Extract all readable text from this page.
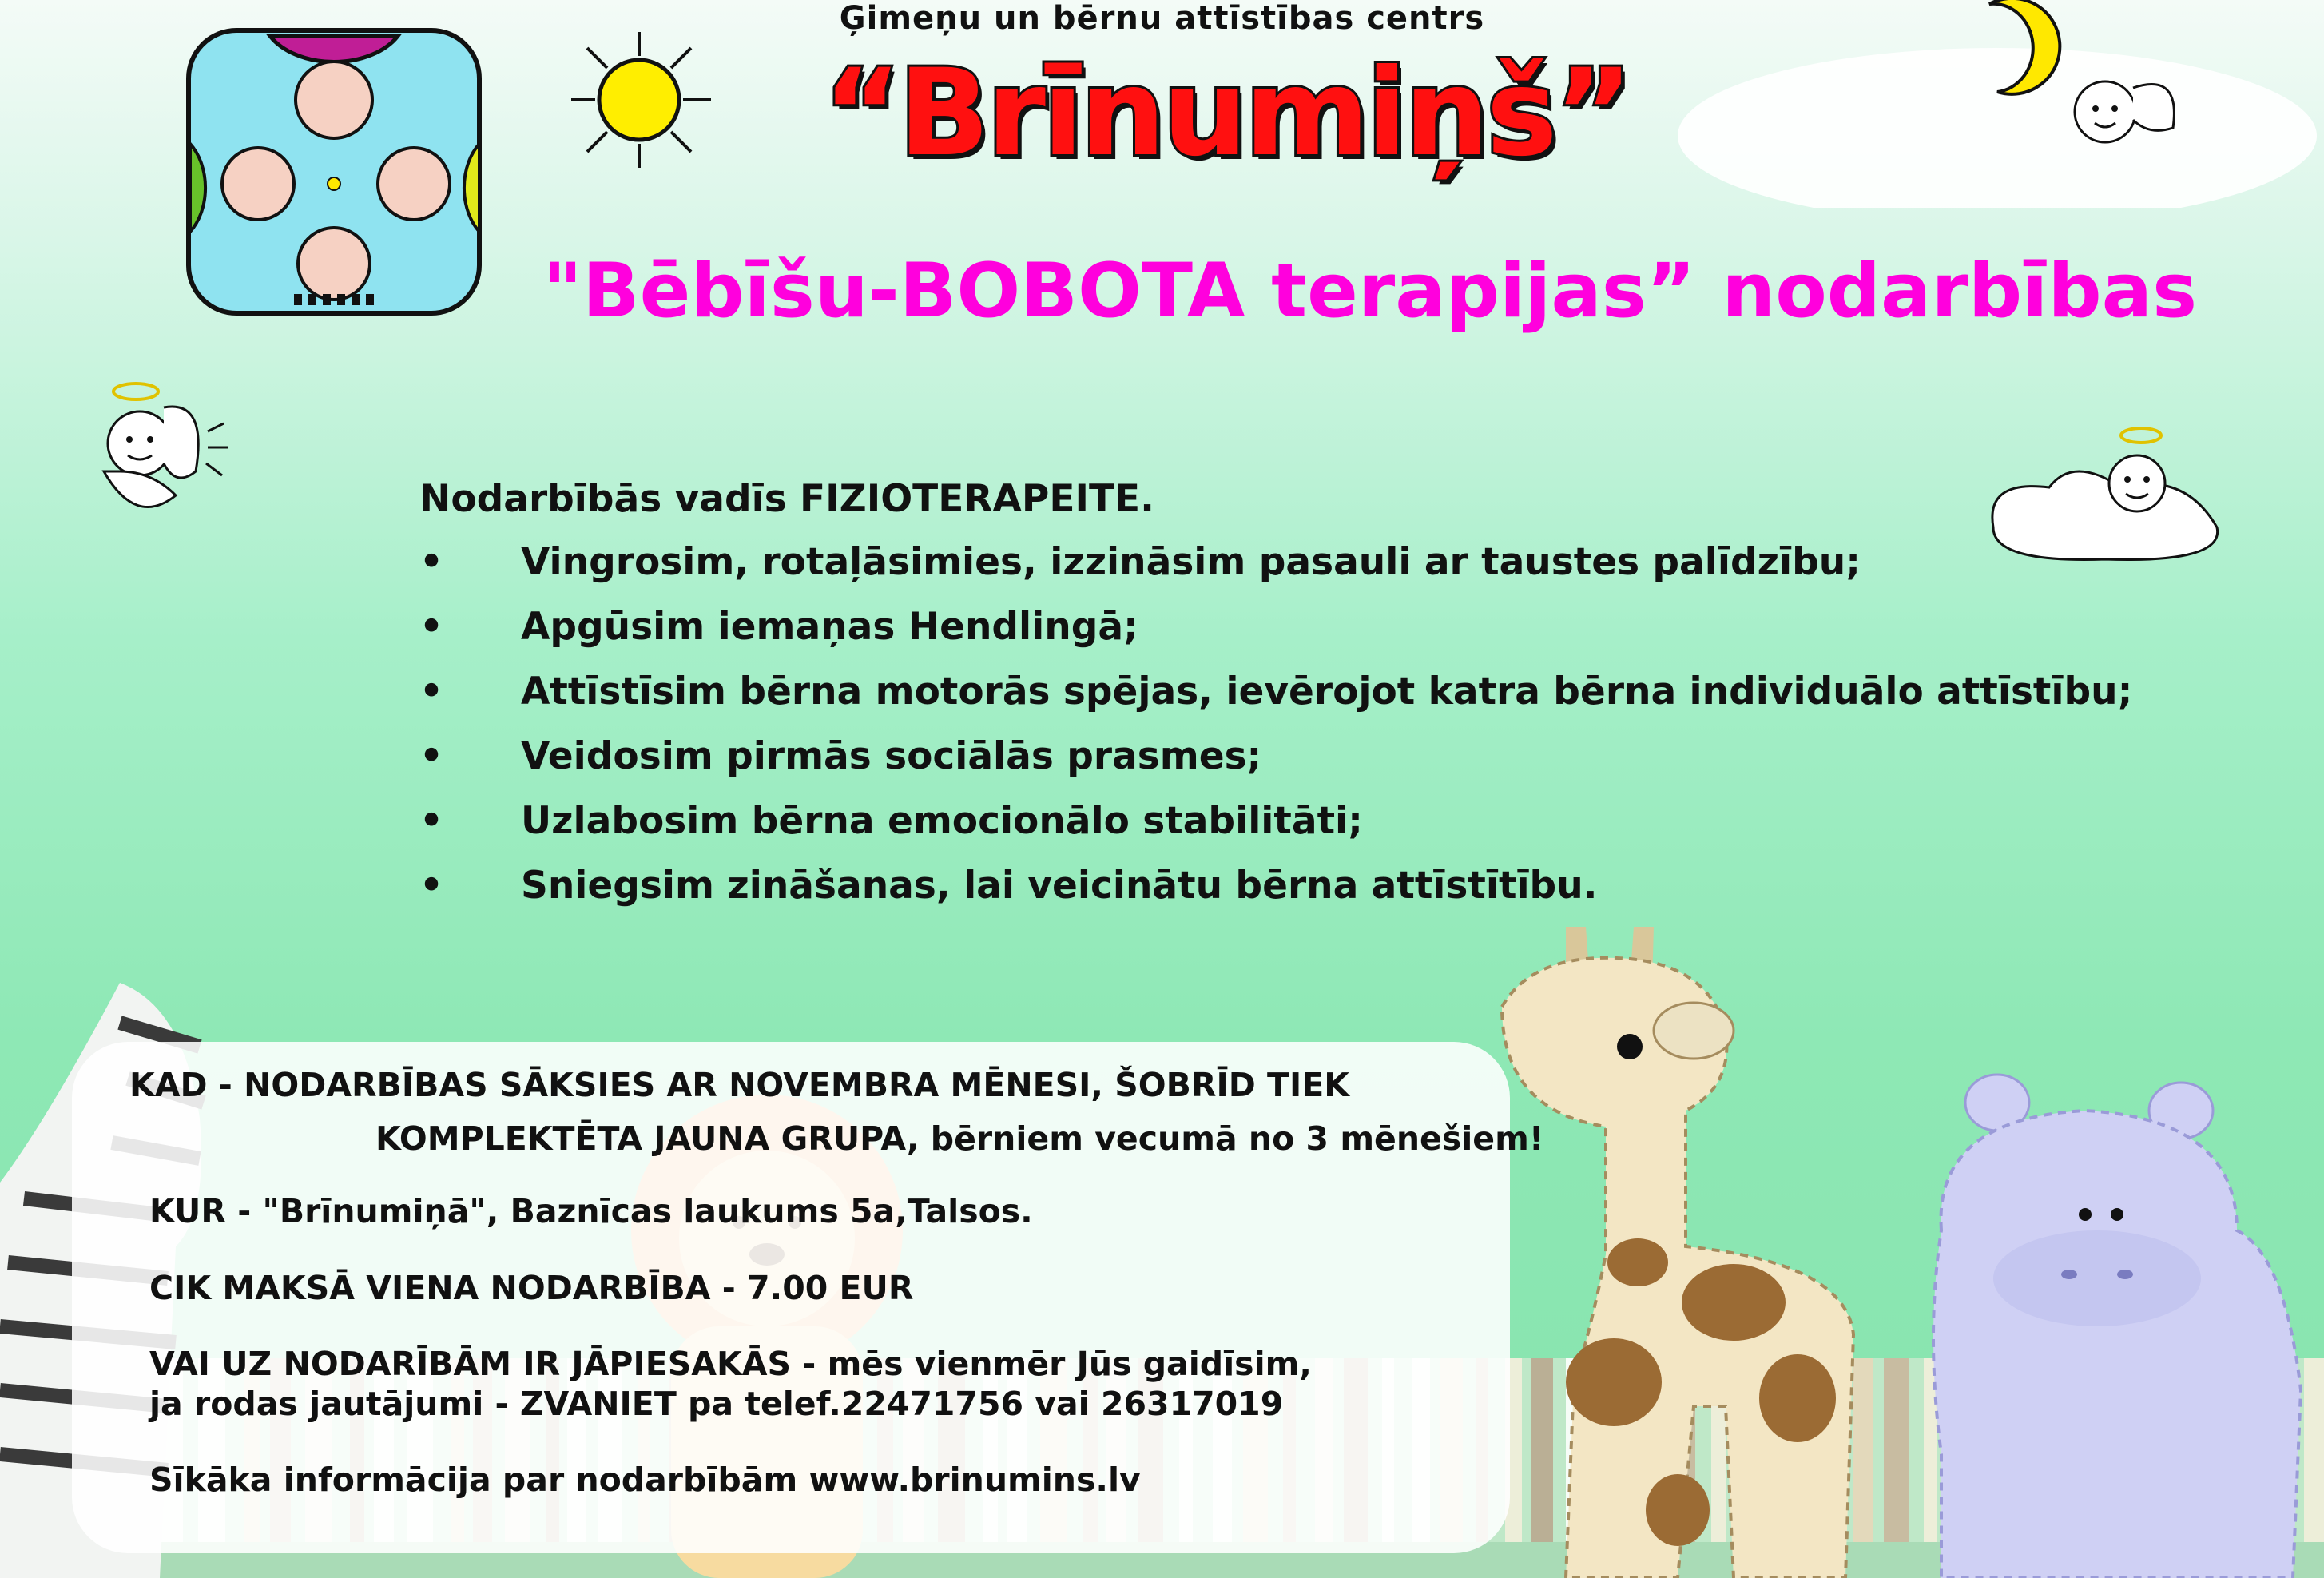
Ģimeņu un bērnu attīstības centrs
“Brīnumiņš”
"Bēbīšu-BOBOTA terapijas” nodarbības
Nodarbībās vadīs FIZIOTERAPEITE.
• Vingrosim, rotaļāsimies, izzināsim pasauli ar taustes palīdzību;
• Apgūsim iemaņas Hendlingā;
• Attīstīsim bērna motorās spējas, ievērojot katra bērna individuālo attīstību;
• Veidosim pirmās sociālās prasmes;
• Uzlabosim bērna emocionālo stabilitāti;
• Sniegsim zināšanas, lai veicinātu bērna attīstītību.
KAD - NODARBĪBAS SĀKSIES AR NOVEMBRA MĒNESI, ŠOBRĪD TIEK
KOMPLEKTĒTA JAUNA GRUPA, bērniem vecumā no 3 mēnešiem!
KUR - "Brīnumiņā", Baznīcas laukums 5a,Talsos.
CIK MAKSĀ VIENA NODARBĪBA - 7.00 EUR
VAI UZ NODARĪBĀM IR JĀPIESAKĀS - mēs vienmēr Jūs gaidīsim,
ja rodas jautājumi - ZVANIET pa telef.22471756 vai 26317019
Sīkāka informācija par nodarbībām www.brinumins.lv
